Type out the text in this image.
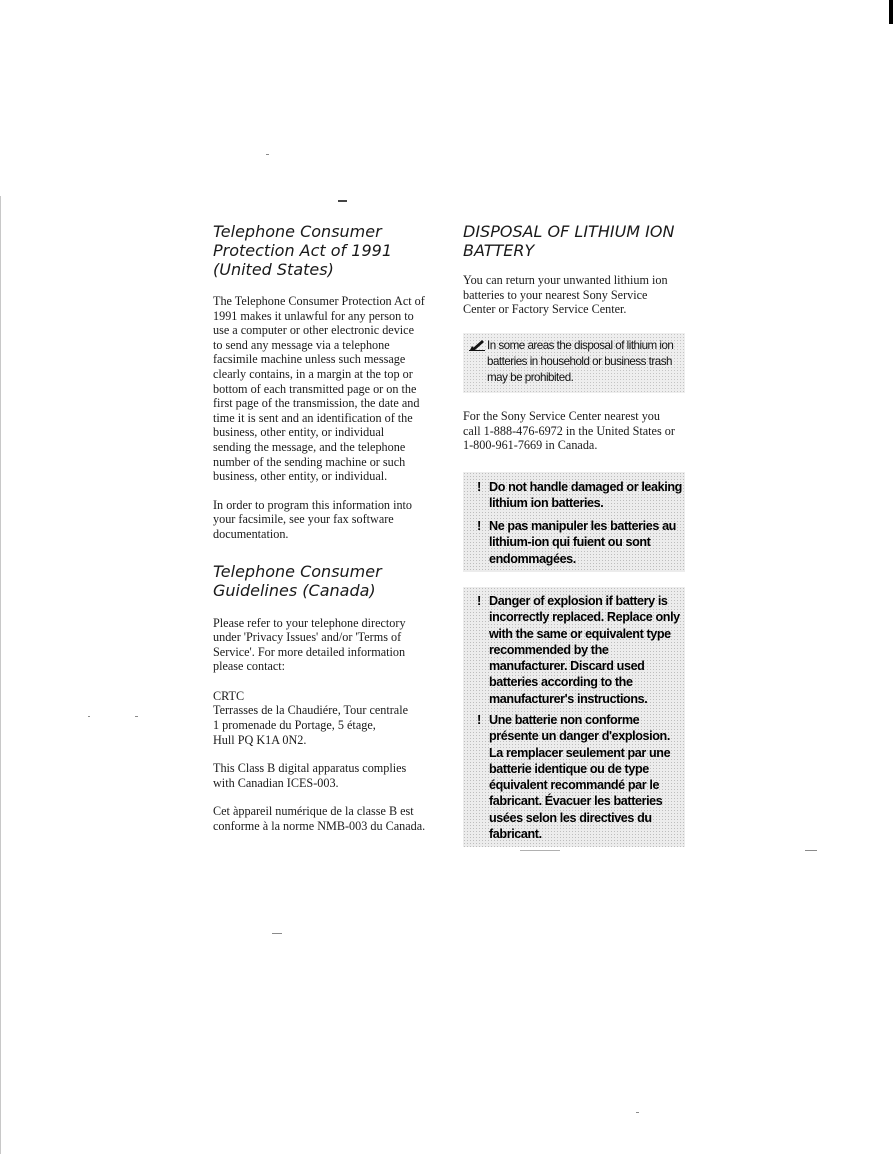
Telephone Consumer
Protection Act of 1991
(United States)

The Telephone Consumer Protection Act of
1991 makes it unlawful for any person to
use a computer or other electronic device
to send any message via a telephone
facsimile machine unless such message
clearly contains, in a margin at the top or
bottom of each transmitted page or on the
first page of the transmission, the date and
time it is sent and an identification of the
business, other entity, or individual
sending the message, and the telephone
number of the sending machine or such
business, other entity, or individual.

In order to program this information into
your facsimile, see your fax software
documentation.

Telephone Consumer
Guidelines (Canada)

Please refer to your telephone directory
under 'Privacy Issues' and/or 'Terms of
Service'. For more detailed information
please contact:

CRTC
Terrasses de la Chaudiére, Tour centrale
1 promenade du Portage, 5 étage,
Hull PQ K1A 0N2.

This Class B digital apparatus complies
with Canadian ICES-003.

Cet àppareil numérique de la classe B est
conforme à la norme NMB-003 du Canada.

DISPOSAL OF LITHIUM ION
BATTERY

You can return your unwanted lithium ion
batteries to your nearest Sony Service
Center or Factory Service Center.

In some areas the disposal of lithium ion
batteries in household or business trash
may be prohibited.

For the Sony Service Center nearest you
call 1-888-476-6972 in the United States or
1-800-961-7669 in Canada.

! Do not handle damaged or leaking
lithium ion batteries.
! Ne pas manipuler les batteries au
lithium-ion qui fuient ou sont
endommagées.
! Danger of explosion if battery is
incorrectly replaced. Replace only
with the same or equivalent type
recommended by the
manufacturer. Discard used
batteries according to the
manufacturer's instructions.
! Une batterie non conforme
présente un danger d'explosion.
La remplacer seulement par une
batterie identique ou de type
équivalent recommandé par le
fabricant. Évacuer les batteries
usées selon les directives du
fabricant.
